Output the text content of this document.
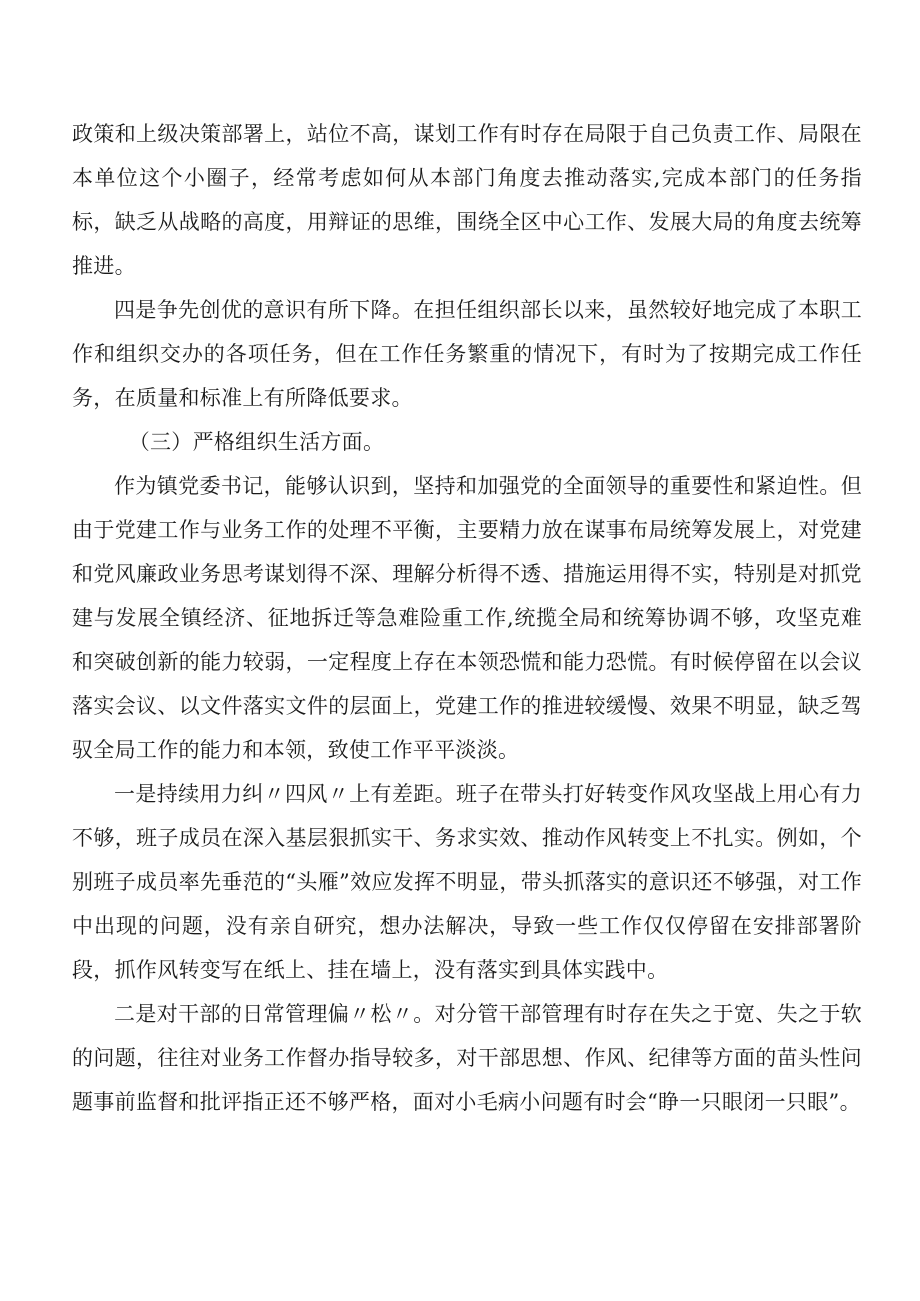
政策和上级决策部署上，站位不高，谋划工作有时存在局限于自己负责工作、局限在本单位这个小圈子，经常考虑如何从本部门角度去推动落实,完成本部门的任务指标，缺乏从战略的高度，用辩证的思维，围绕全区中心工作、发展大局的角度去统筹推进。

四是争先创优的意识有所下降。在担任组织部长以来，虽然较好地完成了本职工作和组织交办的各项任务，但在工作任务繁重的情况下，有时为了按期完成工作任务，在质量和标准上有所降低要求。

（三）严格组织生活方面。

作为镇党委书记，能够认识到，坚持和加强党的全面领导的重要性和紧迫性。但由于党建工作与业务工作的处理不平衡，主要精力放在谋事布局统筹发展上，对党建和党风廉政业务思考谋划得不深、理解分析得不透、措施运用得不实，特别是对抓党建与发展全镇经济、征地拆迁等急难险重工作,统揽全局和统筹协调不够，攻坚克难和突破创新的能力较弱，一定程度上存在本领恐慌和能力恐慌。有时候停留在以会议落实会议、以文件落实文件的层面上，党建工作的推进较缓慢、效果不明显，缺乏驾驭全局工作的能力和本领，致使工作平平淡淡。

一是持续用力纠〃四风〃上有差距。班子在带头打好转变作风攻坚战上用心有力不够，班子成员在深入基层狠抓实干、务求实效、推动作风转变上不扎实。例如，个别班子成员率先垂范的“头雁”效应发挥不明显，带头抓落实的意识还不够强，对工作中出现的问题，没有亲自研究，想办法解决，导致一些工作仅仅停留在安排部署阶段，抓作风转变写在纸上、挂在墙上，没有落实到具体实践中。

二是对干部的日常管理偏〃松〃。对分管干部管理有时存在失之于宽、失之于软的问题，往往对业务工作督办指导较多，对干部思想、作风、纪律等方面的苗头性问题事前监督和批评指正还不够严格，面对小毛病小问题有时会“睁一只眼闭一只眼”。
